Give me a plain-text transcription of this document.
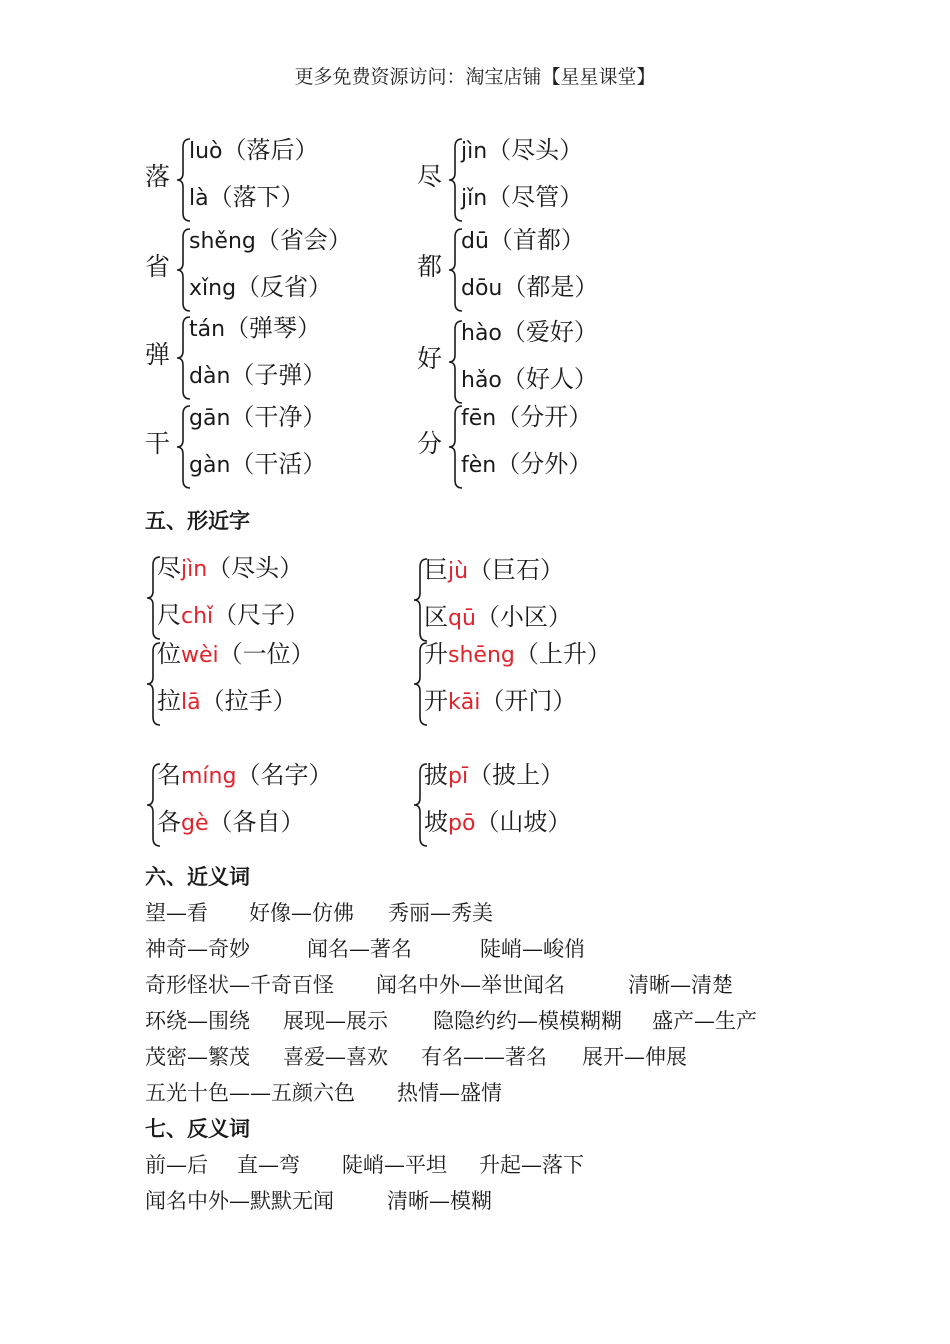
更多免费资源访问：淘宝店铺【星星课堂】
落
luò（落后）
là（落下）
尽
jìn（尽头）
jǐn（尽管）
省
shěng（省会）
xǐng（反省）
都
dū（首都）
dōu（都是）
弹
tán（弹琴）
dàn（子弹）
好
hào（爱好）
hǎo（好人）
干
gān（干净）
gàn（干活）
分
fēn（分开）
fèn（分外）
五、形近字
尽jìn（尽头）
尺chǐ（尺子）
巨jù（巨石）
区qū（小区）
位wèi（一位）
拉lā（拉手）
升shēng（上升）
开kāi（开门）
名míng（名字）
各gè（各自）
披pī（披上）
坡pō（山坡）
六、近义词
望—看 好像—仿佛 秀丽—秀美
神奇—奇妙	闻名—著名	陡峭—峻俏
奇形怪状—千奇百怪 闻名中外—举世闻名	清晰—清楚
环绕—围绕 展现—展示 隐隐约约—模模糊糊 盛产—生产
茂密—繁茂 喜爱—喜欢 有名——著名 展开—伸展
五光十色——五颜六色 热情—盛情
七、反义词
前—后 直—弯 陡峭—平坦 升起—落下
闻名中外—默默无闻	清晰—模糊
